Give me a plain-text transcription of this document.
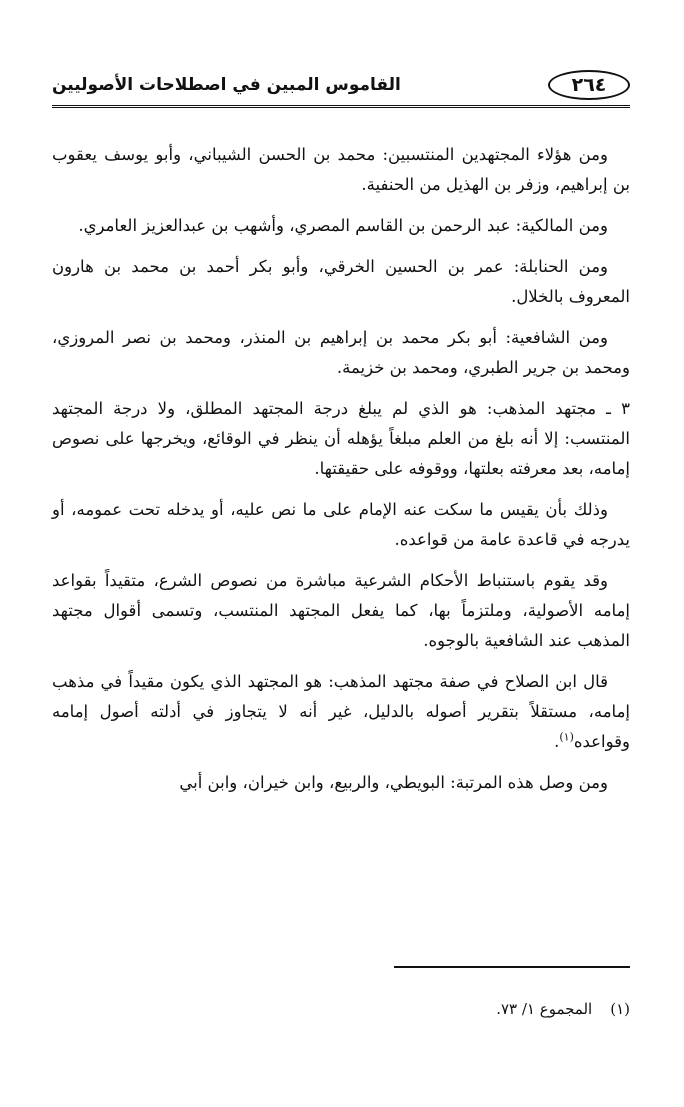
٢٦٤
القاموس المبين في اصطلاحات الأصوليين

ومن هؤلاء المجتهدين المنتسبين: محمد بن الحسن الشيباني، وأبو يوسف يعقوب بن إبراهيم، وزفر بن الهذيل من الحنفية.

ومن المالكية: عبد الرحمن بن القاسم المصري، وأشهب بن عبدالعزيز العامري.

ومن الحنابلة: عمر بن الحسين الخرقي، وأبو بكر أحمد بن محمد بن هارون المعروف بالخلال.

ومن الشافعية: أبو بكر محمد بن إبراهيم بن المنذر، ومحمد بن نصر المروزي، ومحمد بن جرير الطبري، ومحمد بن خزيمة.

٣ ـ مجتهد المذهب: هو الذي لم يبلغ درجة المجتهد المطلق، ولا درجة المجتهد المنتسب: إلا أنه بلغ من العلم مبلغاً يؤهله أن ينظر في الوقائع، ويخرجها على نصوص إمامه، بعد معرفته بعلتها، ووقوفه على حقيقتها.

وذلك بأن يقيس ما سكت عنه الإمام على ما نص عليه، أو يدخله تحت عمومه، أو يدرجه في قاعدة عامة من قواعده.

وقد يقوم باستنباط الأحكام الشرعية مباشرة من نصوص الشرع، متقيداً بقواعد إمامه الأصولية، وملتزماً بها، كما يفعل المجتهد المنتسب، وتسمى أقوال مجتهد المذهب عند الشافعية بالوجوه.

قال ابن الصلاح في صفة مجتهد المذهب: هو المجتهد الذي يكون مقيداً في مذهب إمامه، مستقلاً بتقرير أصوله بالدليل، غير أنه لا يتجاوز في أدلته أصول إمامه وقواعده$^{(١)}$.

ومن وصل هذه المرتبة: البويطي، والربيع، وابن خيران، وابن أبي

(١)المجموع ١/ ٧٣.
